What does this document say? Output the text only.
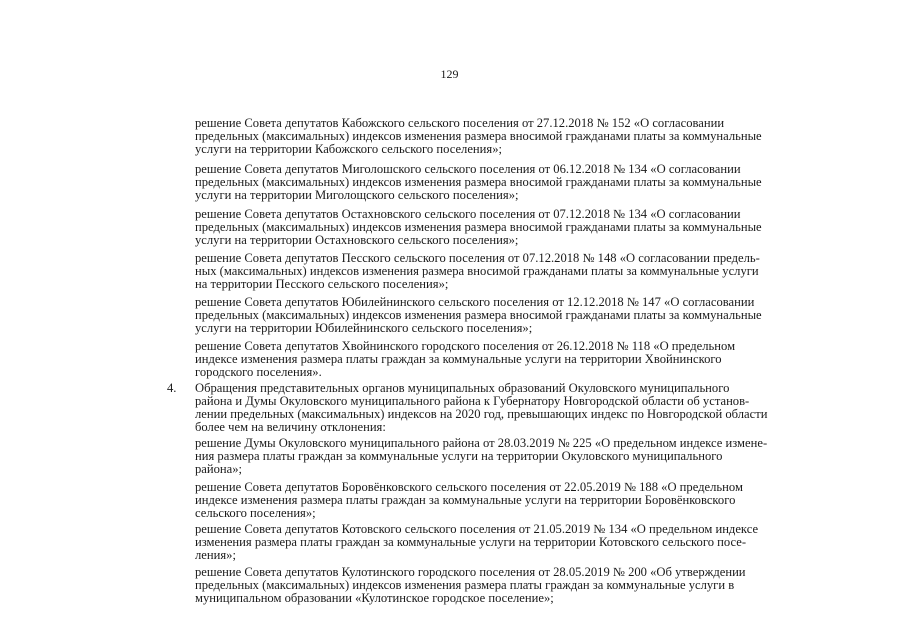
129

решение Совета депутатов Кабожского сельского поселения от 27.12.2018 № 152 «О согласовании

предельных (максимальных) индексов изменения размера вносимой гражданами платы за коммунальные

услуги на территории Кабожского сельского поселения»;

решение Совета депутатов Миголошского сельского поселения от 06.12.2018 № 134 «О согласовании

предельных (максимальных) индексов изменения размера вносимой гражданами платы за коммунальные

услуги на территории Миголощского сельского поселения»;

решение Совета депутатов Остахновского сельского поселения от 07.12.2018 № 134 «О согласовании

предельных (максимальных) индексов изменения размера вносимой гражданами платы за коммунальные

услуги на территории Остахновского сельского поселения»;

решение Совета депутатов Песского сельского поселения от 07.12.2018 № 148 «О согласовании предель-

ных (максимальных) индексов изменения размера вносимой гражданами платы за коммунальные услуги

на территории Песского сельского поселения»;

решение Совета депутатов Юбилейнинского сельского поселения от 12.12.2018 № 147 «О согласовании

предельных (максимальных) индексов изменения размера вносимой гражданами платы за коммунальные

услуги на территории Юбилейнинского сельского поселения»;

решение Совета депутатов Хвойнинского городского поселения от 26.12.2018 № 118 «О предельном

индексе изменения размера платы граждан за коммунальные услуги на территории Хвойнинского

городского поселения».

4. Обращения представительных органов муниципальных образований Окуловского муниципального

района и Думы Окуловского муниципального района к Губернатору Новгородской области об установ-

лении предельных (максимальных) индексов на 2020 год, превышающих индекс по Новгородской области

более чем на величину отклонения:

решение Думы Окуловского муниципального района от 28.03.2019 № 225 «О предельном индексе измене-

ния размера платы граждан за коммунальные услуги на территории Окуловского муниципального

района»;

решение Совета депутатов Боровёнковского сельского поселения от 22.05.2019 № 188 «О предельном

индексе изменения размера платы граждан за коммунальные услуги на территории Боровёнковского

сельского поселения»;

решение Совета депутатов Котовского сельского поселения от 21.05.2019 № 134 «О предельном индексе

изменения размера платы граждан за коммунальные услуги на территории Котовского сельского посе-

ления»;

решение Совета депутатов Кулотинского городского поселения от 28.05.2019 № 200 «Об утверждении

предельных (максимальных) индексов изменения размера платы граждан за коммунальные услуги в

муниципальном образовании «Кулотинское городское поселение»;
